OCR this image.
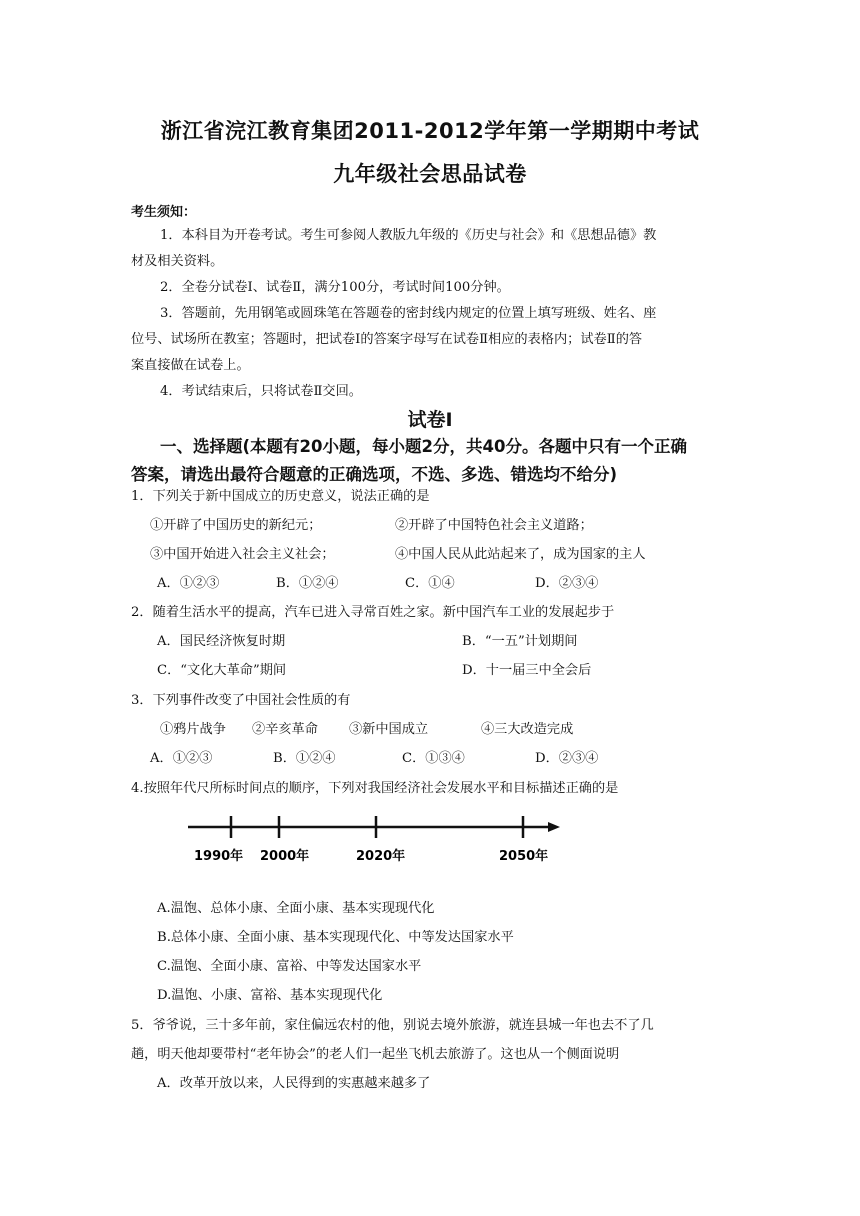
浙江省浣江教育集团2011-2012学年第一学期期中考试
九年级社会思品试卷
考生须知：
1．本科目为开卷考试。考生可参阅人教版九年级的《历史与社会》和《思想品德》教
材及相关资料。
2．全卷分试卷Ⅰ、试卷Ⅱ，满分100分，考试时间100分钟。
3．答题前，先用钢笔或圆珠笔在答题卷的密封线内规定的位置上填写班级、姓名、座
位号、试场所在教室；答题时，把试卷Ⅰ的答案字母写在试卷Ⅱ相应的表格内；试卷Ⅱ的答
案直接做在试卷上。
4．考试结束后，只将试卷Ⅱ交回。
试卷Ⅰ
一、选择题(本题有20小题，每小题2分，共40分。各题中只有一个正确
答案，请选出最符合题意的正确选项，不选、多选、错选均不给分)
1．下列关于新中国成立的历史意义，说法正确的是
①开辟了中国历史的新纪元；	②开辟了中国特色社会主义道路；
③中国开始进入社会主义社会；	④中国人民从此站起来了，成为国家的主人
A．①②③	B．①②④	C．①④	D．②③④
2．随着生活水平的提高，汽车已进入寻常百姓之家。新中国汽车工业的发展起步于
A．国民经济恢复时期	B．“一五”计划期间
C．“文化大革命”期间	D．十一届三中全会后
3．下列事件改变了中国社会性质的有
①鸦片战争 ②辛亥革命 ③新中国成立	④三大改造完成
A．①②③	B．①②④	C．①③④	D．②③④
4.按照年代尺所标时间点的顺序，下列对我国经济社会发展水平和目标描述正确的是
1990年 2000年	2020年	2050年
A.温饱、总体小康、全面小康、基本实现现代化
B.总体小康、全面小康、基本实现现代化、中等发达国家水平
C.温饱、全面小康、富裕、中等发达国家水平
D.温饱、小康、富裕、基本实现现代化
5．爷爷说，三十多年前，家住偏远农村的他，别说去境外旅游，就连县城一年也去不了几
趟，明天他却要带村“老年协会”的老人们一起坐飞机去旅游了。这也从一个侧面说明
A．改革开放以来，人民得到的实惠越来越多了
